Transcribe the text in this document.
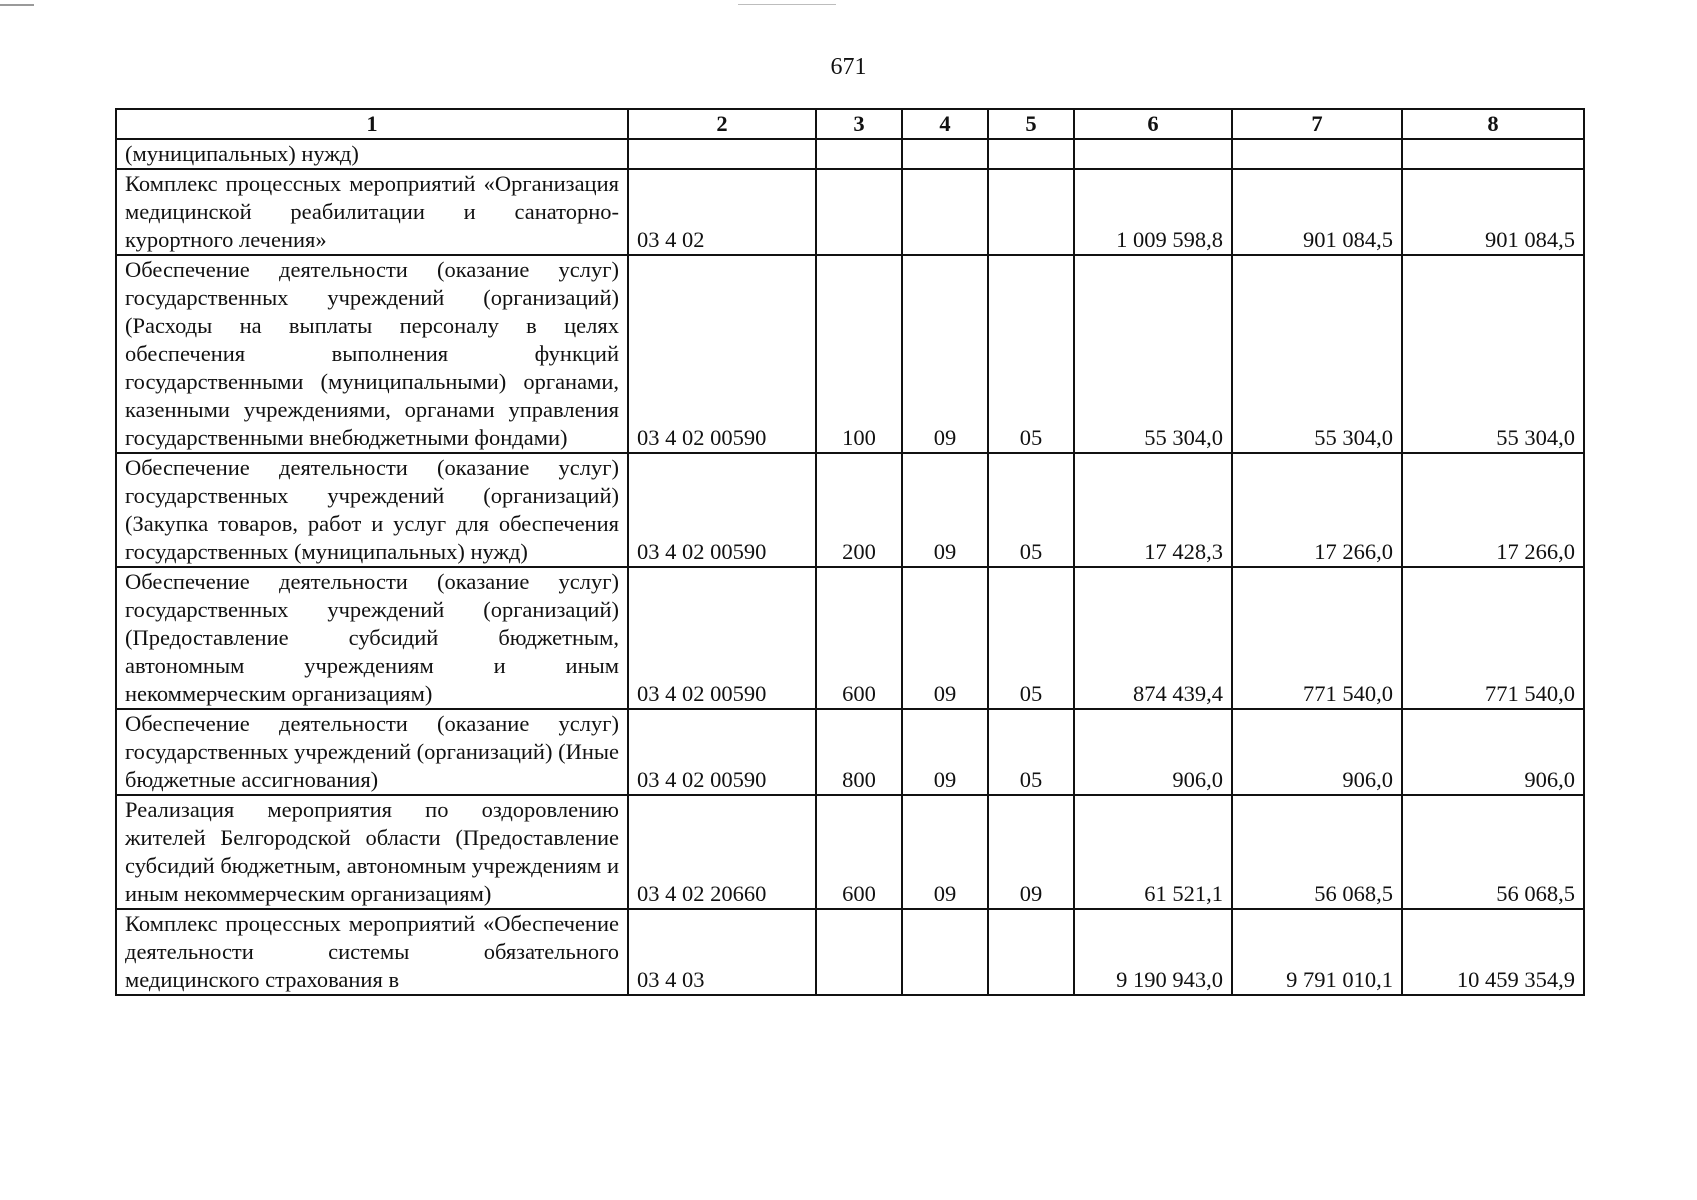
671
1	2	3	4	5	6	7	8
(муниципальных) нужд)							
Комплекс процессных мероприятий «Организация медицинской реабилитации и санаторно-курортного лечения»	03 4 02				1 009 598,8	901 084,5	901 084,5
Обеспечение деятельности (оказание услуг) государственных учреждений (организаций) (Расходы на выплаты персоналу в целях обеспечения выполнения функций государственными (муниципальными) органами, казенными учреждениями, органами управления государственными внебюджетными фондами)	03 4 02 00590	100	09	05	55 304,0	55 304,0	55 304,0
Обеспечение деятельности (оказание услуг) государственных учреждений (организаций) (Закупка товаров, работ и услуг для обеспечения государственных (муниципальных) нужд)	03 4 02 00590	200	09	05	17 428,3	17 266,0	17 266,0
Обеспечение деятельности (оказание услуг) государственных учреждений (организаций) (Предоставление субсидий бюджетным, автономным учреждениям и иным некоммерческим организациям)	03 4 02 00590	600	09	05	874 439,4	771 540,0	771 540,0
Обеспечение деятельности (оказание услуг) государственных учреждений (организаций) (Иные бюджетные ассигнования)	03 4 02 00590	800	09	05	906,0	906,0	906,0
Реализация мероприятия по оздоровлению жителей Белгородской области (Предоставление субсидий бюджетным, автономным учреждениям и иным некоммерческим организациям)	03 4 02 20660	600	09	09	61 521,1	56 068,5	56 068,5
Комплекс процессных мероприятий «Обеспечение деятельности системы обязательного медицинского страхования в	03 4 03				9 190 943,0	9 791 010,1	10 459 354,9
